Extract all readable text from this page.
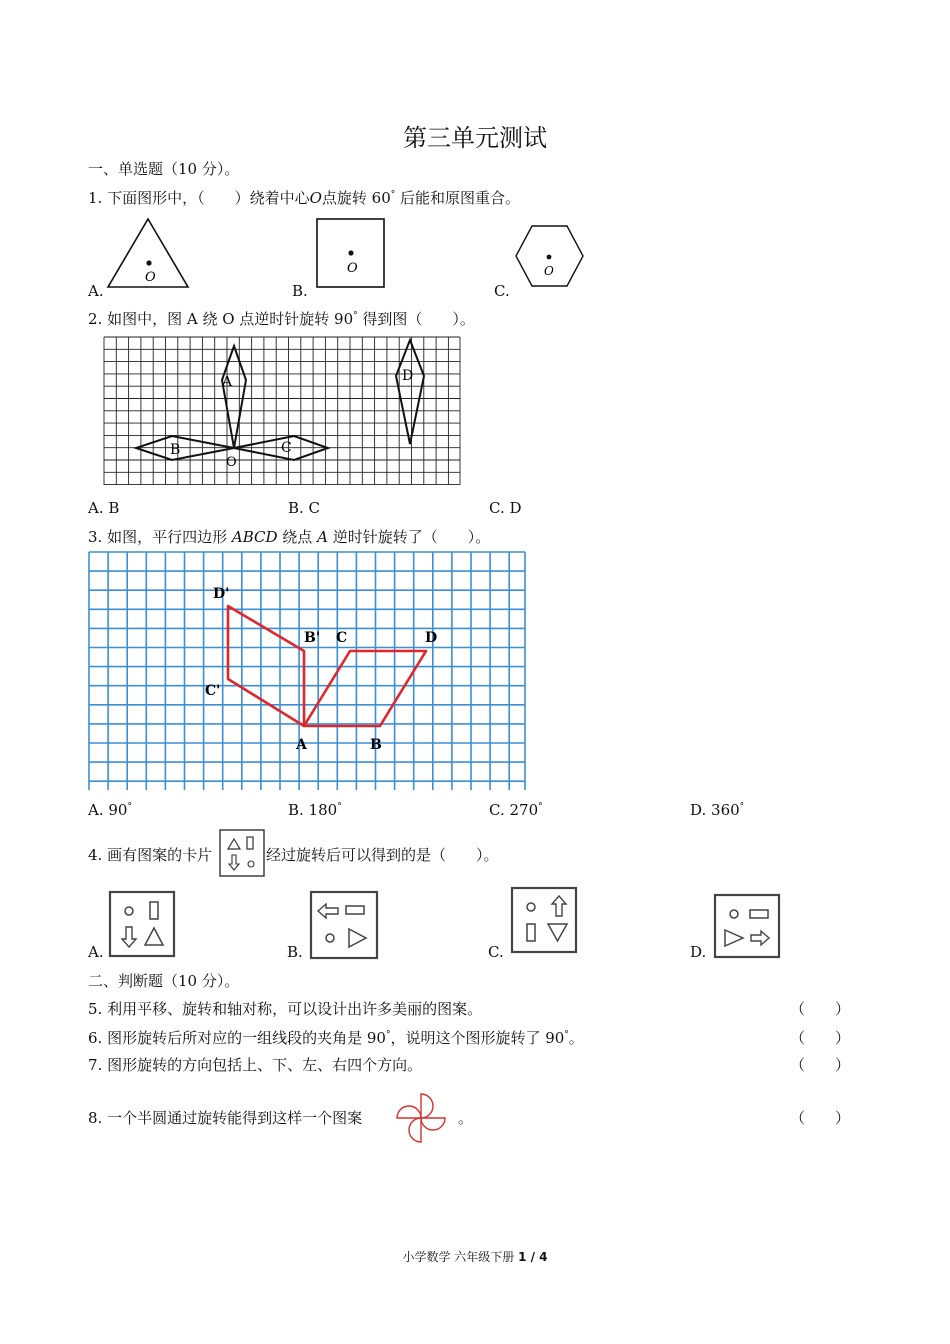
第三单元测试
一、单选题（10 分）。
1. 下面图形中，（　　）绕着中心O点旋转 60° 后能和原图重合。
A.	B.	C.
O
O	O
2. 如图中，图 A 绕 O 点逆时针旋转 90° 得到图（　　）。
A
B	C
D
O
A. B	B. C	C. D
3. 如图，平行四边形 ABCD 绕点 A 逆时针旋转了（　　）。
D'
B' C	D
C'
A	B
A. 90°	B. 180°	C. 270°	D. 360°
4. 画有图案的卡片	经过旋转后可以得到的是（　　）。
A.	B.	C.	D.
二、判断题（10 分）。
5. 利用平移、旋转和轴对称，可以设计出许多美丽的图案。	（　　）
6. 图形旋转后所对应的一组线段的夹角是 90°，说明这个图形旋转了 90°。	（　　）
7. 图形旋转的方向包括上、下、左、右四个方向。	（　　）
8. 一个半圆通过旋转能得到这样一个图案	。	（　　）
小学数学 六年级下册 1 / 4
